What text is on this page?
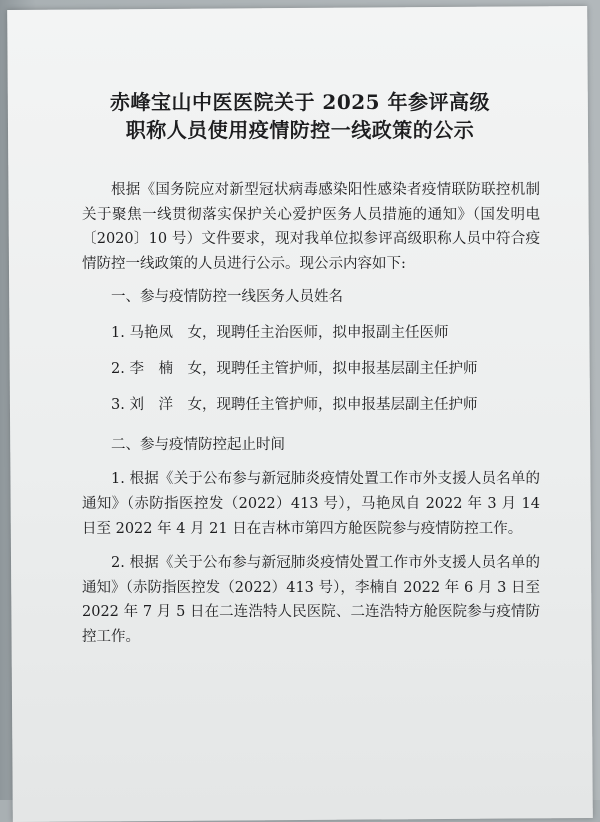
赤峰宝山中医医院关于 2025 年参评高级
职称人员使用疫情防控一线政策的公示

根据《国务院应对新型冠状病毒感染阳性感染者疫情联防联控机制关于聚焦一线贯彻落实保护关心爱护医务人员措施的通知》（国发明电〔2020〕10 号）文件要求，现对我单位拟参评高级职称人员中符合疫情防控一线政策的人员进行公示。现公示内容如下:

一、参与疫情防控一线医务人员姓名

1. 马艳凤　女，现聘任主治医师，拟申报副主任医师

2. 李　楠　女，现聘任主管护师，拟申报基层副主任护师

3. 刘　洋　女，现聘任主管护师，拟申报基层副主任护师

二、参与疫情防控起止时间

1. 根据《关于公布参与新冠肺炎疫情处置工作市外支援人员名单的通知》（赤防指医控发（2022）413 号），马艳凤自 2022 年 3 月 14 日至 2022 年 4 月 21 日在吉林市第四方舱医院参与疫情防控工作。

2. 根据《关于公布参与新冠肺炎疫情处置工作市外支援人员名单的通知》（赤防指医控发（2022）413 号），李楠自 2022 年 6 月 3 日至 2022 年 7 月 5 日在二连浩特人民医院、二连浩特方舱医院参与疫情防控工作。
